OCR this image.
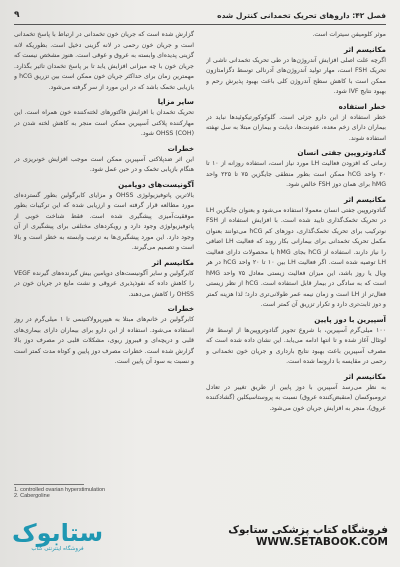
فصل ۴۲: داروهای تحریک تخمدانی کنترل شده
۹
موثر کلومیفن سیترات است.
مکانیسم اثر
اگرچه علت اصلی افزایش آندروژن‌ها در طی تحریک تخمدانی ناشی از تحریک FSH است، مهار تولید آندروژن‌های آدرنالی توسط دگزامتازون ممکن است با کاهش سطح آندروژن کلی باعث بهبود پذیرش رحم و بهبود نتایج IVF شود.
خطر استفاده
خطر استفاده از این دارو جزئی است. گلوکوکورتیکوئیدها نباید در بیماران دارای زخم معده، عفونت‌ها، دیابت و بیماران مبتلا به سل نهفته استفاده شوند.
گنادوتروپین جفتی انسان
زمانی که افزودن فعالیت LH مورد نیاز است، استفاده روزانه از ۱۰ تا ۲۰ واحد hCG ممکن است بطور منطقی جایگزین ۷۵ تا ۲۲۵ واحد hMG برای همان دوز FSH خالص شود.
مکانیسم اثر
گنادوتروپین جفتی انسان معمولا استفاده می‌شود و بعنوان جایگزین LH در تحریک تخمک‌گذاری تایید شده است. با افزایش استفاده از FSH نوترکیب برای تحریک تخمک‌گذاری، دوزهای کم hCG می‌توانند بعنوان مکمل تحریک تخمدانی برای بیمارانی بکار روند که فعالیت LH اضافی را نیاز دارند. استفاده از hCG بجای hMG یا محصولات دارای فعالیت LH توصیه شده است. اگر فعالیت LH بین ۱۰ تا ۲۰ واحد hCG در هر ویال یا روز باشد، این میزان فعالیت زیستی معادل ۷۵ واحد hMG است که به سادگی در بیمار قابل استفاده است. hCG از نظر زیستی فعال‌تر از LH است و زمان نیمه عمر طولانی‌تری دارد؛ لذا هزینه کمتر و دوز ثابت‌تری دارد و تکرار تزریق آن کمتر است.
آسپیرین با دوز پایین
۱۰۰ میلی‌گرم آسپیرین، با شروع تجویز گنادوتروپین‌ها از اوسط فاز لوتئال آغاز شده و تا انتها ادامه می‌یابد. این نشان داده شده است که مصرف آسپیرین باعث بهبود نتایج بارداری و جریان خون تخمدانی و رحمی در مقایسه با دارونما شده است.
مکانیسم اثر
به نظر می‌رسد آسپیرین با دوز پایین از طریق تغییر در تعادل ترومبوکسان (منقبض‌کننده عروق) نسبت به پروستاسیکلین (گشادکننده عروق)، منجر به افزایش جریان خون می‌شود.
گزارش شده است که جریان خون تخمدانی در ارتباط با پاسخ تخمدانی است و جریان خون رحمی در لانه گزینی دخیل است. بطوریکه لانه گزینی پدیده‌ای وابسته به عروق و عوقی است. هنوز مشخص نیست که جریان خون با چه میزانی افزایش یابد تا بر پاسخ تخمدان تاثیر بگذارد. مهمترین زمان برای حداکثر جریان خون ممکن است بین تزریق hCG و بازیابی تخمک باشد که در این مورد از سر گرفته می‌شود.
سایر مزایا
تحریک تخمدان با افزایش فاکتورهای لخته‌کننده خون همراه است. این مهارکننده پلاکتی آسپیرین ممکن است منجر به کاهش لخته شدن در OHSS (COH) شود.
خطرات
این اثر ضدپلاکتی آسپیرین ممکن است موجب افزایش خونریزی در هنگام بازیابی تخمک و در حین عمل شود.
آگونیست‌های دوپامین
بالاترین پاتوفیزیولوژی OHSS و مزایای کابرگولین بطور گسترده‌ای مورد مطالعه قرار گرفته است و ارزیابی شده که این ترکیبات بطور موفقیت‌آمیزی پیشگیری شده است. فقط شناخت خوبی از پاتوفیزیولوژی وجود دارد و رویکردهای مختلفی برای پیشگیری از آن وجود دارد. این مورد پیشگیری‌ها به ترتیب وابسته به خطر است و بالا است و تصمیم می‌گیرند.
مکانیسم اثر
کابرگولین و سایر آگونیست‌های دوپامین بیش گیرنده‌های گیرنده VEGF را کاهش داده که نفوذپذیری عروقی و نشت مایع در جریان خون در OHSS را کاهش می‌دهند.
خطرات
کابرگولین در خانم‌های مبتلا به هیپرپرولاکتینمی تا ۱ میلی‌گرم در روز استفاده می‌شود. استفاده از این دارو برای بیماران دارای بیماری‌های قلبی و دریچه‌ای و فیبروز ریوی، مشکلات قلبی در مصرف دوز بالا گزارش شده است. خطرات مصرف دوز پایین و کوتاه مدت کمتر است و نسبت به سود آن پایین است.
1. controlled ovarian hyperstimulation
2. Cabergoline
فروشگاه کتاب پزشکی ستابوک WWW.SETABOOK.COM
ستابوک
فروشگاه اینترنتی کتاب
